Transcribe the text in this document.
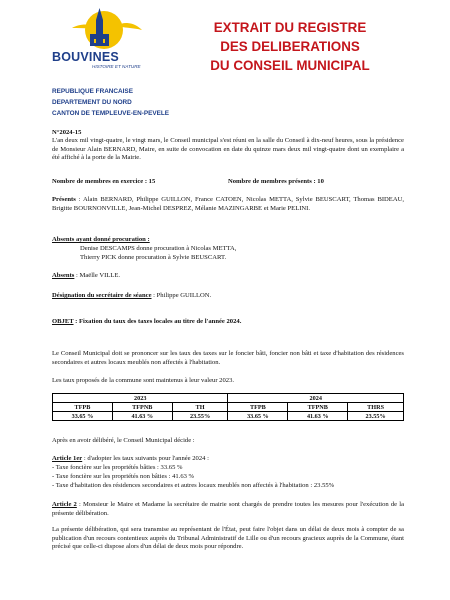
BOUVINES
HISTOIRE ET NATURE
EXTRAIT DU REGISTRE
DES DELIBERATIONS
DU CONSEIL MUNICIPAL
REPUBLIQUE FRANCAISE
DEPARTEMENT DU NORD
CANTON DE TEMPLEUVE-EN-PEVELE
N°2024-15
L'an deux mil vingt-quatre, le vingt mars, le Conseil municipal s'est réuni en la salle du Conseil à dix-neuf heures, sous la présidence de Monsieur Alain BERNARD, Maire, en suite de convocation en date du quinze mars deux mil vingt-quatre dont un exemplaire a été affiché à la porte de la Mairie.
Nombre de membres en exercice : 15	Nombre de membres présents : 10
Présents : Alain BERNARD, Philippe GUILLON, France CATOEN, Nicolas METTA, Sylvie BEUSCART, Thomas BIDEAU, Brigitte BOURNONVILLE, Jean-Michel DESPREZ, Mélanie MAZINGARBE et Marie PELINI.
Absents ayant donné procuration :
Denise DESCAMPS donne procuration à Nicolas METTA,
Thierry PICK donne procuration à Sylvie BEUSCART.
Absents : Maëlle VILLE.
Désignation du secrétaire de séance : Philippe GUILLON.
OBJET : Fixation du taux des taxes locales au titre de l'année 2024.
Le Conseil Municipal doit se prononcer sur les taux des taxes sur le foncier bâti, foncier non bâti et taxe d'habitation des résidences secondaires et autres locaux meublés non affectés à l'habitation.
Les taux proposés de la commune sont maintenus à leur valeur 2023.
2023			2024		
TFPB	TFPNB	TH	TFPB	TFPNB	THRS
33.65 %	41.63 %	23.55%	33.65 %	41.63 %	23.55%
Après en avoir délibéré, le Conseil Municipal décide :
Article 1er : d'adopter les taux suivants pour l'année 2024 :
- Taxe foncière sur les propriétés bâties : 33.65 %
- Taxe foncière sur les propriétés non bâties : 41.63 %
- Taxe d'habitation des résidences secondaires et autres locaux meublés non affectés à l'habitation : 23.55%
Article 2 : Monsieur le Maire et Madame la secrétaire de mairie sont chargés de prendre toutes les mesures pour l'exécution de la présente délibération.
La présente délibération, qui sera transmise au représentant de l'État, peut faire l'objet dans un délai de deux mois à compter de sa publication d'un recours contentieux auprès du Tribunal Administratif de Lille ou d'un recours gracieux auprès de la Commune, étant précisé que celle-ci dispose alors d'un délai de deux mois pour répondre.
